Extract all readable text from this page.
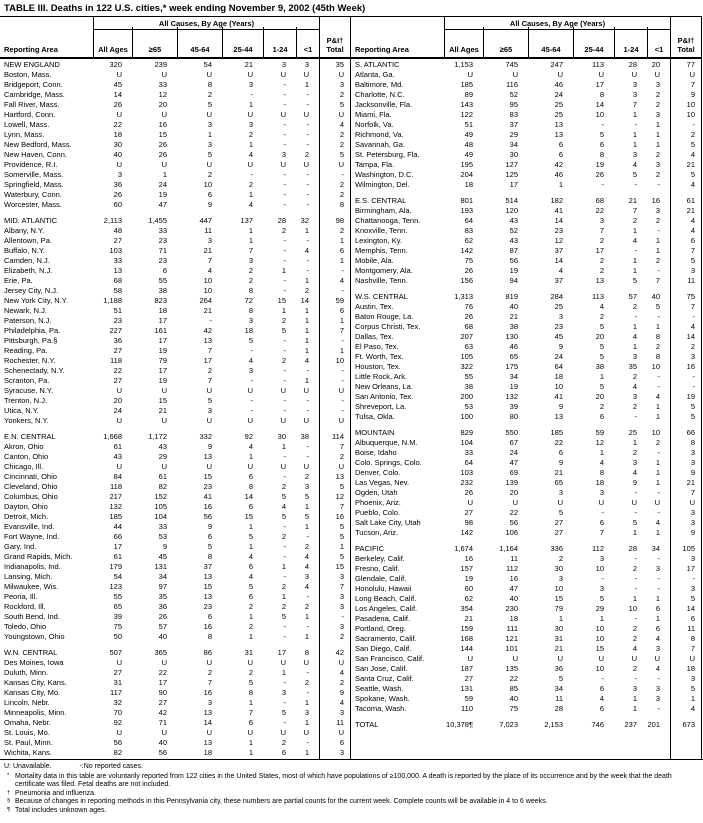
TABLE III. Deaths in 122 U.S. cities,* week ending November 9, 2002 (45th Week)
Reporting Area
All Causes, By Age (Years)
All Ages	≥65	45-64	25-44	1-24	<1
P&I†
Total
NEW ENGLAND	320	239	54	21	3	3	35
Boston, Mass.	U	U	U	U	U	U	U
Bridgeport, Conn.	45	33	8	3	-	1	3
Cambridge, Mass.	14	12	2	-	-	-	2
Fall River, Mass.	26	20	5	1	-	-	5
Hartford, Conn.	U	U	U	U	U	U	U
Lowell, Mass.	22	16	3	3	-	-	4
Lynn, Mass.	18	15	1	2	-	-	2
New Bedford, Mass.	30	26	3	1	-	-	2
New Haven, Conn.	40	26	5	4	3	2	5
Providence, R.I.	U	U	U	U	U	U	U
Somerville, Mass.	3	1	2	-	-	-	-
Springfield, Mass.	36	24	10	2	-	-	2
Waterbury, Conn.	26	19	6	1	-	-	2
Worcester, Mass.	60	47	9	4	-	-	8
MID. ATLANTIC	2,113	1,455	447	137	28	32	98
Albany, N.Y.	48	33	11	1	2	1	2
Allentown, Pa.	27	23	3	1	-	-	1
Buffalo, N.Y.	103	71	21	7	-	4	6
Camden, N.J.	33	23	7	3	-	-	1
Elizabeth, N.J.	13	6	4	2	1	-	-
Erie, Pa.	68	55	10	2	-	1	4
Jersey City, N.J.	58	38	10	8	-	2	-
New York City, N.Y.	1,188	823	264	72	15	14	59
Newark, N.J.	51	18	21	8	1	1	6
Paterson, N.J.	23	17	-	3	2	1	1
Philadelphia, Pa.	227	161	42	18	5	1	7
Pittsburgh, Pa.§	36	17	13	5	-	1	-
Reading, Pa.	27	19	7	-	-	1	1
Rochester, N.Y.	118	79	17	4	2	4	10
Schenectady, N.Y.	22	17	2	3	-	-	-
Scranton, Pa.	27	19	7	-	-	1	-
Syracuse, N.Y.	U	U	U	U	U	U	U
Trenton, N.J.	20	15	5	-	-	-	-
Utica, N.Y.	24	21	3	-	-	-	-
Yonkers, N.Y.	U	U	U	U	U	U	U
E.N. CENTRAL	1,668	1,172	332	92	30	38	114
Akron, Ohio	61	43	9	4	1	-	7
Canton, Ohio	43	29	13	1	-	-	2
Chicago, Ill.	U	U	U	U	U	U	U
Cincinnati, Ohio	84	61	15	6	-	2	13
Cleveland, Ohio	118	82	23	8	2	3	5
Columbus, Ohio	217	152	41	14	5	5	12
Dayton, Ohio	132	105	16	6	4	1	7
Detroit, Mich.	185	104	56	15	5	5	16
Evansville, Ind.	44	33	9	1	-	1	5
Fort Wayne, Ind.	66	53	6	5	2	-	5
Gary, Ind.	17	9	5	1	-	2	1
Grand Rapids, Mich.	61	45	8	4	-	4	5
Indianapolis, Ind.	179	131	37	6	1	4	15
Lansing, Mich.	54	34	13	4	-	3	3
Milwaukee, Wis.	123	97	15	5	2	4	7
Peoria, Ill.	55	35	13	6	1	-	3
Rockford, Ill.	65	36	23	2	2	2	3
South Bend, Ind.	39	26	6	1	5	1	-
Toledo, Ohio	75	57	16	2	-	-	3
Youngstown, Ohio	50	40	8	1	-	1	2
W.N. CENTRAL	507	365	86	31	17	8	42
Des Moines, Iowa	U	U	U	U	U	U	U
Duluth, Minn.	27	22	2	2	1	-	4
Kansas City, Kans.	31	17	7	5	-	2	2
Kansas City, Mo.	117	90	16	8	3	-	9
Lincoln, Nebr.	32	27	3	1	-	1	4
Minneapolis, Minn.	70	42	13	7	5	3	3
Omaha, Nebr.	92	71	14	6	-	1	11
St. Louis, Mo.	U	U	U	U	U	U	U
St. Paul, Minn.	56	40	13	1	2	-	6
Wichita, Kans.	82	56	18	1	6	1	3
Reporting Area
All Causes, By Age (Years)
All Ages	≥65	45-64	25-44	1-24	<1
P&I†
Total
S. ATLANTIC	1,153	745	247	113	28	20	77
Atlanta, Ga.	U	U	U	U	U	U	U
Baltimore, Md.	185	116	46	17	3	3	7
Charlotte, N.C.	89	52	24	8	3	2	9
Jacksonville, Fla.	143	95	25	14	7	2	10
Miami, Fla.	122	83	25	10	1	3	10
Norfolk, Va.	51	37	13	-	-	1	-
Richmond, Va.	49	29	13	5	1	1	2
Savannah, Ga.	48	34	6	6	1	1	5
St. Petersburg, Fla.	49	30	6	8	3	2	4
Tampa, Fla.	195	127	42	19	4	3	21
Washington, D.C.	204	125	46	26	5	2	5
Wilmington, Del.	18	17	1	-	-	-	4
E.S. CENTRAL	801	514	182	68	21	16	61
Birmingham, Ala.	193	120	41	22	7	3	21
Chattanooga, Tenn.	64	43	14	3	2	2	4
Knoxville, Tenn.	83	52	23	7	1	-	4
Lexington, Ky.	62	43	12	2	4	1	6
Memphis, Tenn.	142	87	37	17	-	1	7
Mobile, Ala.	75	56	14	2	1	2	5
Montgomery, Ala.	26	19	4	2	1	-	3
Nashville, Tenn.	156	94	37	13	5	7	11
W.S. CENTRAL	1,313	819	284	113	57	40	75
Austin, Tex.	76	40	25	4	2	5	7
Baton Rouge, La.	26	21	3	2	-	-	-
Corpus Christi, Tex.	68	38	23	5	1	1	4
Dallas, Tex.	207	130	45	20	4	8	14
El Paso, Tex.	63	46	9	5	1	2	2
Ft. Worth, Tex.	105	65	24	5	3	8	3
Houston, Tex.	322	175	64	38	35	10	16
Little Rock, Ark.	55	34	18	1	2	-	-
New Orleans, La.	38	19	10	5	4	-	-
San Antonio, Tex.	200	132	41	20	3	4	19
Shreveport, La.	53	39	9	2	2	1	5
Tulsa, Okla.	100	80	13	6	-	1	5
MOUNTAIN	829	550	185	59	25	10	66
Albuquerque, N.M.	104	67	22	12	1	2	8
Boise, Idaho	33	24	6	1	2	-	3
Colo. Springs, Colo.	64	47	9	4	3	1	3
Denver, Colo.	103	69	21	8	4	1	9
Las Vegas, Nev.	232	139	65	18	9	1	21
Ogden, Utah	26	20	3	3	-	-	7
Phoenix, Ariz.	U	U	U	U	U	U	U
Pueblo, Colo.	27	22	5	-	-	-	3
Salt Lake City, Utah	98	56	27	6	5	4	3
Tucson, Ariz.	142	106	27	7	1	1	9
PACIFIC	1,674	1,164	336	112	28	34	105
Berkeley, Calif.	16	11	2	3	-	-	3
Fresno, Calif.	157	112	30	10	2	3	17
Glendale, Calif.	19	16	3	-	-	-	-
Honolulu, Hawaii	60	47	10	3	-	-	3
Long Beach, Calif.	62	40	15	5	1	1	5
Los Angeles, Calif.	354	230	79	29	10	6	14
Pasadena, Calif.	21	18	1	1	-	1	6
Portland, Oreg.	159	111	30	10	2	6	11
Sacramento, Calif.	168	121	31	10	2	4	8
San Diego, Calif.	144	101	21	15	4	3	7
San Francisco, Calif.	U	U	U	U	U	U	U
San Jose, Calif.	187	135	36	10	2	4	18
Santa Cruz, Calif.	27	22	5	-	-	-	3
Seattle, Wash.	131	85	34	6	3	3	5
Spokane, Wash.	59	40	11	4	1	3	1
Tacoma, Wash.	110	75	28	6	1	-	4
TOTAL	10,378¶	7,023	2,153	746	237	201	673
U: Unavailable.	-:No reported cases.
* Mortality data in this table are voluntarily reported from 122 cities in the United States, most of which have populations of ≥100,000. A death is reported by the place of its occurrence and by the week that the death certificate was filed. Fetal deaths are not included.
† Pneumonia and influenza.
§ Because of changes in reporting methods in this Pennsylvania city, these numbers are partial counts for the current week. Complete counts will be available in 4 to 6 weeks.
¶ Total includes unknown ages.
